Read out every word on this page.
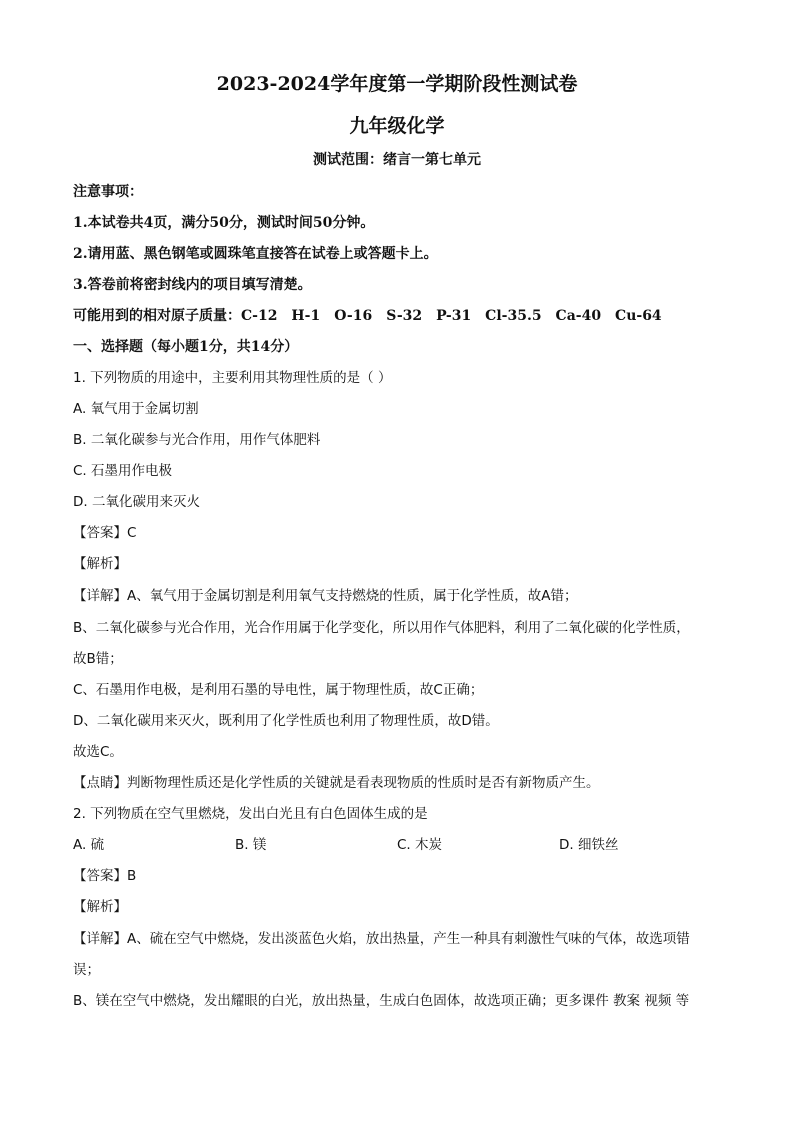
2023-2024学年度第一学期阶段性测试卷
九年级化学
测试范围：绪言一第七单元
注意事项：
1.本试卷共4页，满分50分，测试时间50分钟。
2.请用蓝、黑色钢笔或圆珠笔直接答在试卷上或答题卡上。
3.答卷前将密封线内的项目填写清楚。
可能用到的相对原子质量：C-12　H-1　O-16　S-32　P-31　Cl-35.5　Ca-40　Cu-64
一、选择题（每小题1分，共14分）
1. 下列物质的用途中，主要利用其物理性质的是（ ）
A. 氧气用于金属切割
B. 二氧化碳参与光合作用，用作气体肥料
C. 石墨用作电极
D. 二氧化碳用来灭火
【答案】C
【解析】
【详解】A、氧气用于金属切割是利用氧气支持燃烧的性质，属于化学性质，故A错；
B、二氧化碳参与光合作用，光合作用属于化学变化，所以用作气体肥料，利用了二氧化碳的化学性质，
故B错；
C、石墨用作电极，是利用石墨的导电性，属于物理性质，故C正确；
D、二氧化碳用来灭火，既利用了化学性质也利用了物理性质，故D错。
故选C。
【点睛】判断物理性质还是化学性质的关键就是看表现物质的性质时是否有新物质产生。
2. 下列物质在空气里燃烧，发出白光且有白色固体生成的是
A. 硫	B. 镁	C. 木炭	D. 细铁丝
【答案】B
【解析】
【详解】A、硫在空气中燃烧，发出淡蓝色火焰，放出热量，产生一种具有刺激性气味的气体，故选项错
误；
B、镁在空气中燃烧，发出耀眼的白光，放出热量，生成白色固体，故选项正确；更多课件 教案 视频 等
